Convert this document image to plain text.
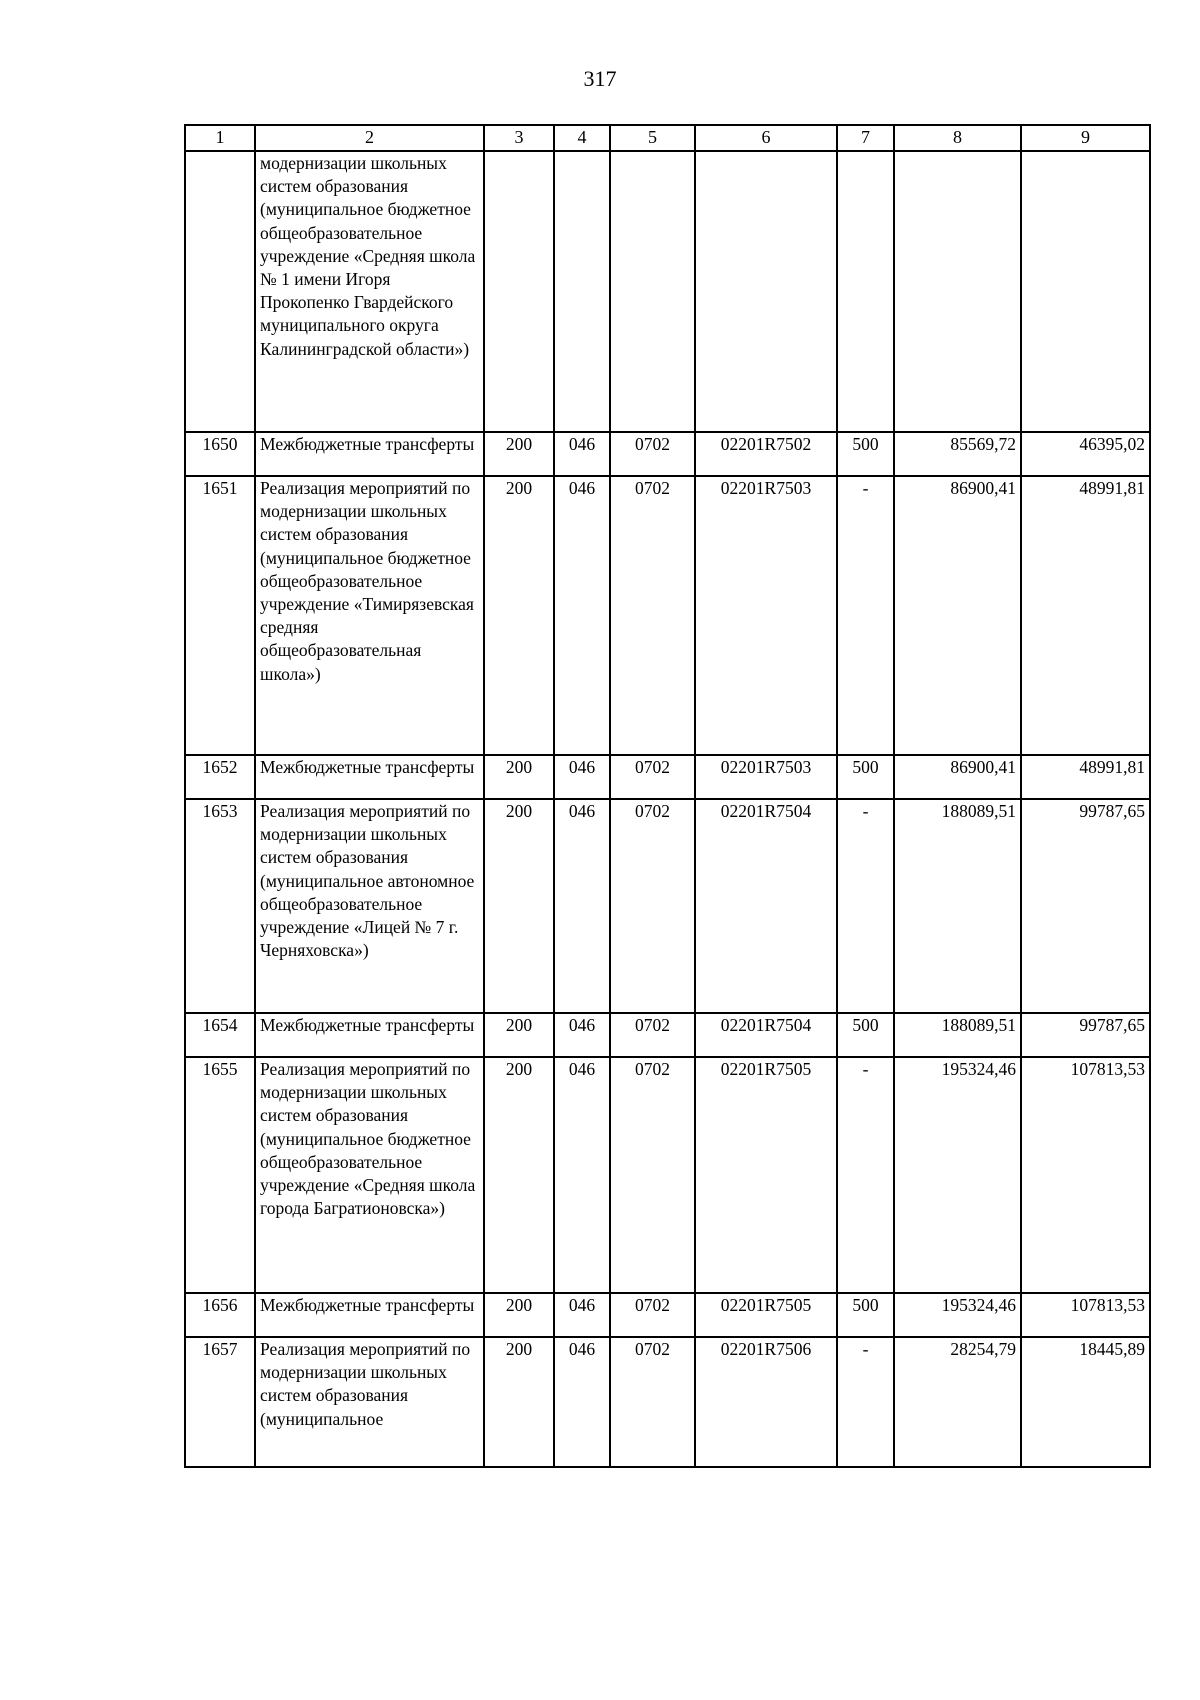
317
1	2	3	4	5	6	7	8	9
	модернизации школьных систем образования (муниципальное бюджетное общеобразовательное учреждение «Средняя школа № 1 имени Игоря Прокопенко Гвардейского муниципального округа Калининградской области»)							
1650	Межбюджетные трансферты	200	046	0702	02201R7502	500	85569,72	46395,02
1651	Реализация мероприятий по модернизации школьных систем образования (муниципальное бюджетное общеобразовательное учреждение «Тимирязевская средняя общеобразовательная школа»)	200	046	0702	02201R7503	-	86900,41	48991,81
1652	Межбюджетные трансферты	200	046	0702	02201R7503	500	86900,41	48991,81
1653	Реализация мероприятий по модернизации школьных систем образования (муниципальное автономное общеобразовательное учреждение «Лицей № 7 г. Черняховска»)	200	046	0702	02201R7504	-	188089,51	99787,65
1654	Межбюджетные трансферты	200	046	0702	02201R7504	500	188089,51	99787,65
1655	Реализация мероприятий по модернизации школьных систем образования (муниципальное бюджетное общеобразовательное учреждение «Средняя школа города Багратионовска»)	200	046	0702	02201R7505	-	195324,46	107813,53
1656	Межбюджетные трансферты	200	046	0702	02201R7505	500	195324,46	107813,53
1657	Реализация мероприятий по модернизации школьных систем образования (муниципальное	200	046	0702	02201R7506	-	28254,79	18445,89
